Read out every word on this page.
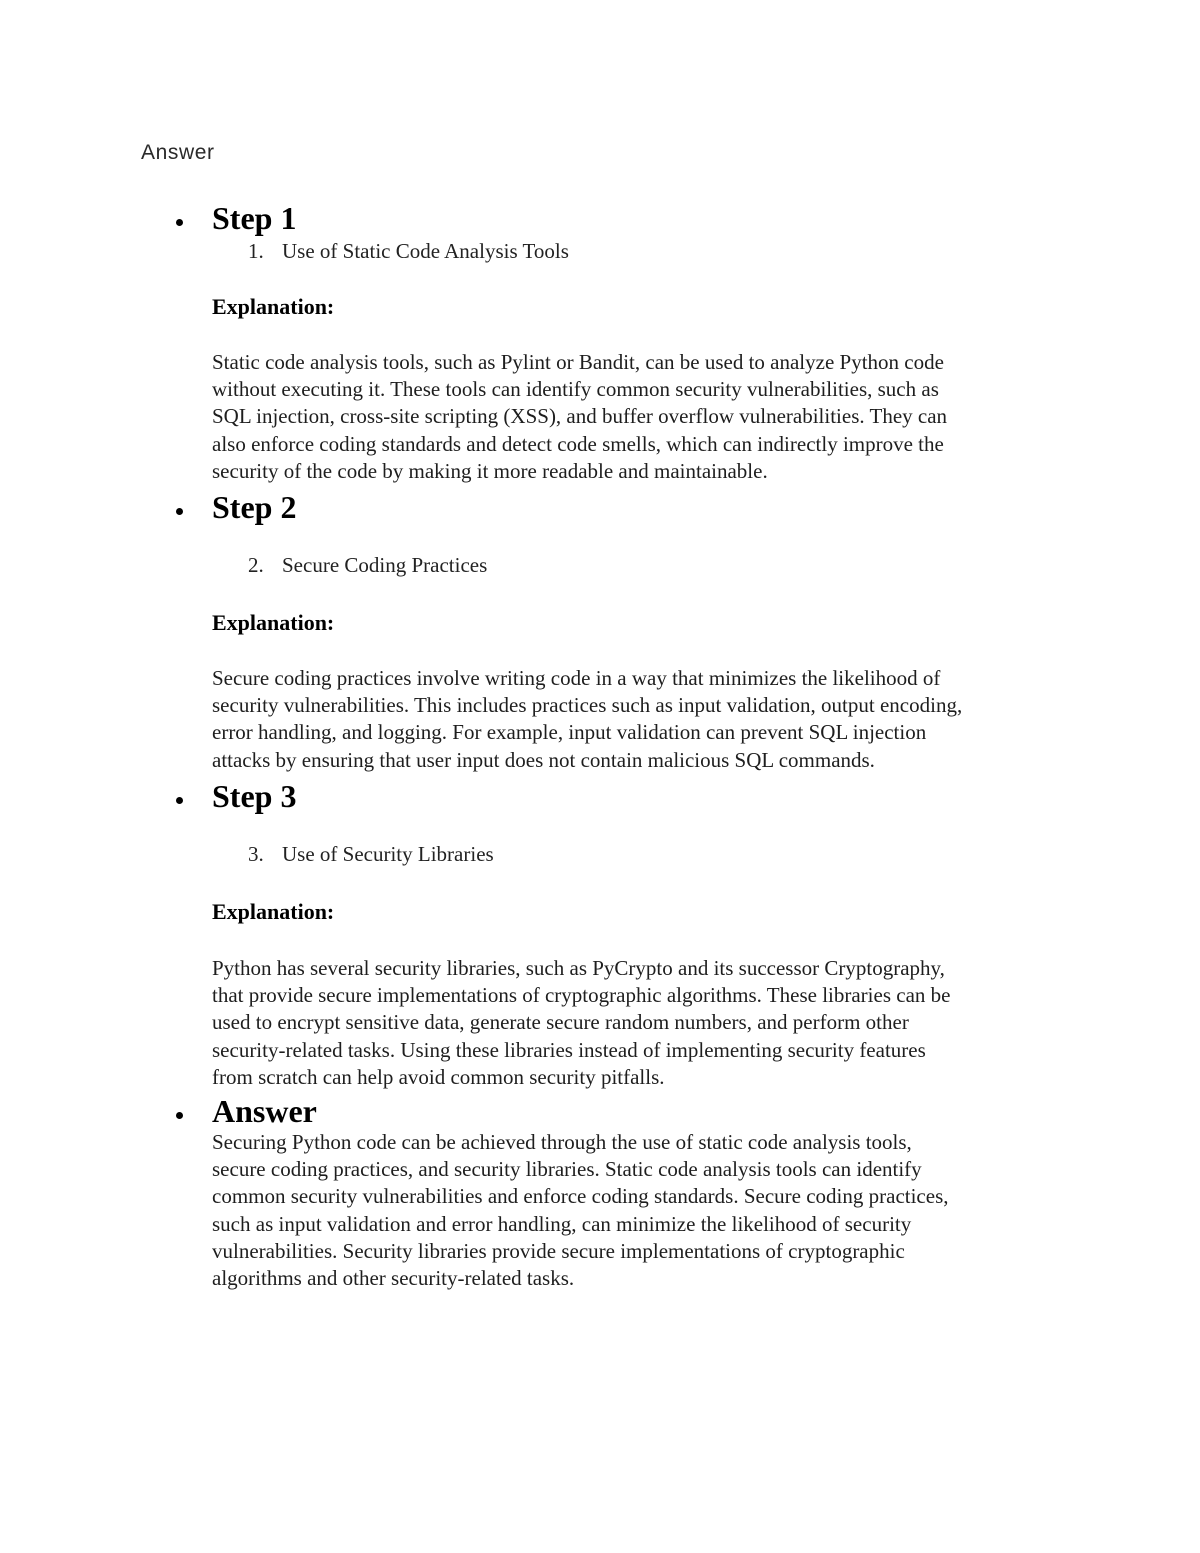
Answer
Step 1
1. Use of Static Code Analysis Tools
Explanation:

Static code analysis tools, such as Pylint or Bandit, can be used to analyze Python code
without executing it. These tools can identify common security vulnerabilities, such as
SQL injection, cross-site scripting (XSS), and buffer overflow vulnerabilities. They can
also enforce coding standards and detect code smells, which can indirectly improve the
security of the code by making it more readable and maintainable.

Step 2
2. Secure Coding Practices
Explanation:

Secure coding practices involve writing code in a way that minimizes the likelihood of
security vulnerabilities. This includes practices such as input validation, output encoding,
error handling, and logging. For example, input validation can prevent SQL injection
attacks by ensuring that user input does not contain malicious SQL commands.

Step 3
3. Use of Security Libraries
Explanation:

Python has several security libraries, such as PyCrypto and its successor Cryptography,
that provide secure implementations of cryptographic algorithms. These libraries can be
used to encrypt sensitive data, generate secure random numbers, and perform other
security-related tasks. Using these libraries instead of implementing security features
from scratch can help avoid common security pitfalls.

Answer

Securing Python code can be achieved through the use of static code analysis tools,
secure coding practices, and security libraries. Static code analysis tools can identify
common security vulnerabilities and enforce coding standards. Secure coding practices,
such as input validation and error handling, can minimize the likelihood of security
vulnerabilities. Security libraries provide secure implementations of cryptographic
algorithms and other security-related tasks.
